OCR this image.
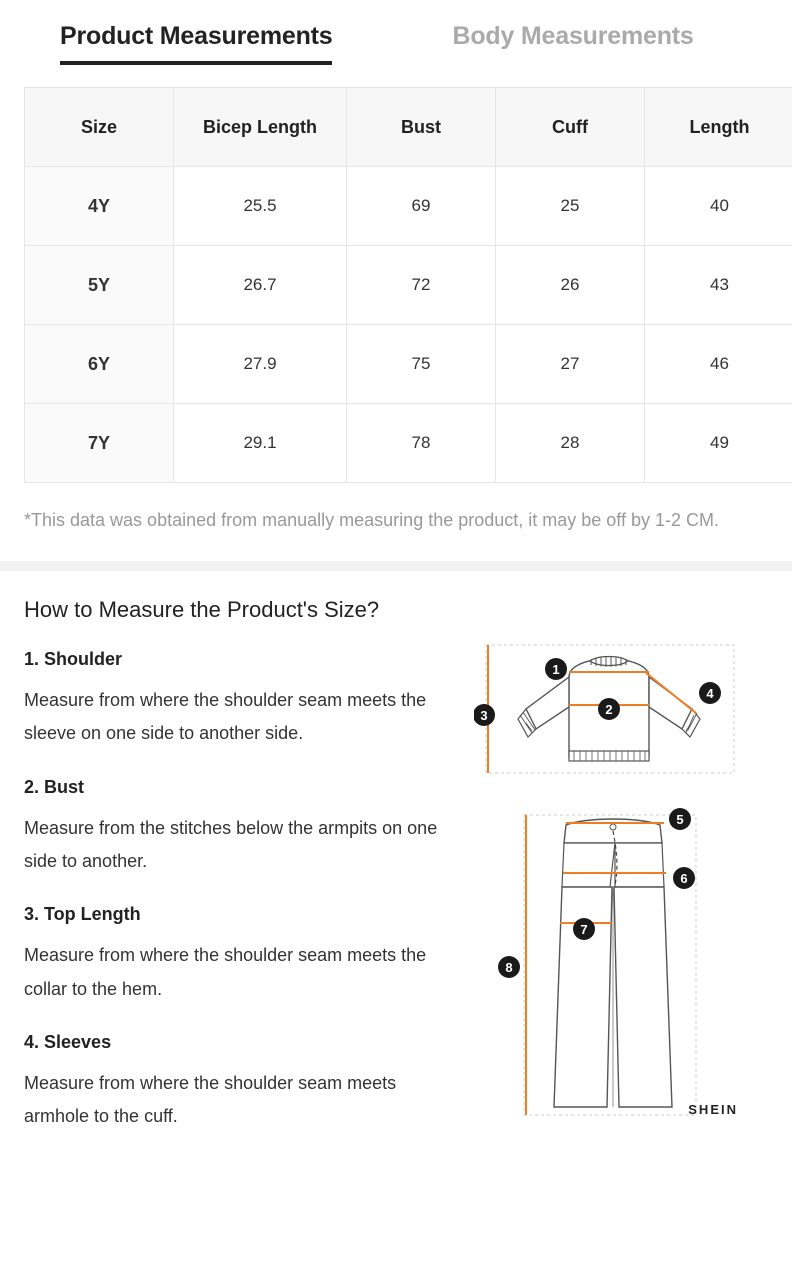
Product Measurements	Body Measurements
Size	Bicep Length	Bust	Cuff	Length
4Y	25.5	69	25	40
5Y	26.7	72	26	43
6Y	27.9	75	27	46
7Y	29.1	78	28	49
*This data was obtained from manually measuring the product, it may be off by 1-2 CM.
How to Measure the Product's Size?

1. Shoulder

Measure from where the shoulder seam meets the sleeve on one side to another side.

2. Bust

Measure from the stitches below the armpits on one side to another.

3. Top Length

Measure from where the shoulder seam meets the collar to the hem.

4. Sleeves

Measure from where the shoulder seam meets armhole to the cuff.

1
2
3
4
5
6
7
8
SHEIN
